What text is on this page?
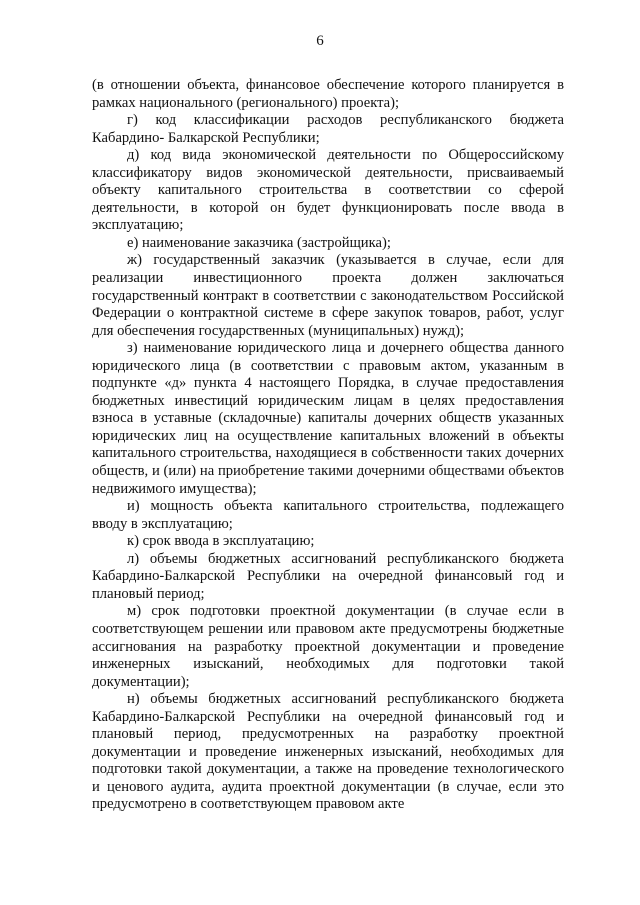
6

(в отношении объекта, финансовое обеспечение которого планируется в рамках национального (регионального) проекта);

г) код классификации расходов республиканского бюджета Кабардино- Балкарской Республики;

д) код вида экономической деятельности по Общероссийскому классификатору видов экономической деятельности, присваиваемый объекту капитального строительства в соответствии со сферой деятельности, в которой он будет функционировать после ввода в эксплуатацию;

е) наименование заказчика (застройщика);

ж) государственный заказчик (указывается в случае, если для реализации инвестиционного проекта должен заключаться государственный контракт в соответствии с законодательством Российской Федерации о контрактной системе в сфере закупок товаров, работ, услуг для обеспечения государственных (муниципальных) нужд);

з) наименование юридического лица и дочернего общества данного юридического лица (в соответствии с правовым актом, указанным в подпункте «д» пункта 4 настоящего Порядка, в случае предоставления бюджетных инвестиций юридическим лицам в целях предоставления взноса в уставные (складочные) капиталы дочерних обществ указанных юридических лиц на осуществление капитальных вложений в объекты капитального строительства, находящиеся в собственности таких дочерних обществ, и (или) на приобретение такими дочерними обществами объектов недвижимого имущества);

и) мощность объекта капитального строительства, подлежащего вводу в эксплуатацию;

к) срок ввода в эксплуатацию;

л) объемы бюджетных ассигнований республиканского бюджета Кабардино-Балкарской Республики на очередной финансовый год и плановый период;

м) срок подготовки проектной документации (в случае если в соответствующем решении или правовом акте предусмотрены бюджетные ассигнования на разработку проектной документации и проведение инженерных изысканий, необходимых для подготовки такой документации);

н) объемы бюджетных ассигнований республиканского бюджета Кабардино-Балкарской Республики на очередной финансовый год и плановый период, предусмотренных на разработку проектной документации и проведение инженерных изысканий, необходимых для подготовки такой документации, а также на проведение технологического и ценового аудита, аудита проектной документации (в случае, если это предусмотрено в соответствующем правовом акте
